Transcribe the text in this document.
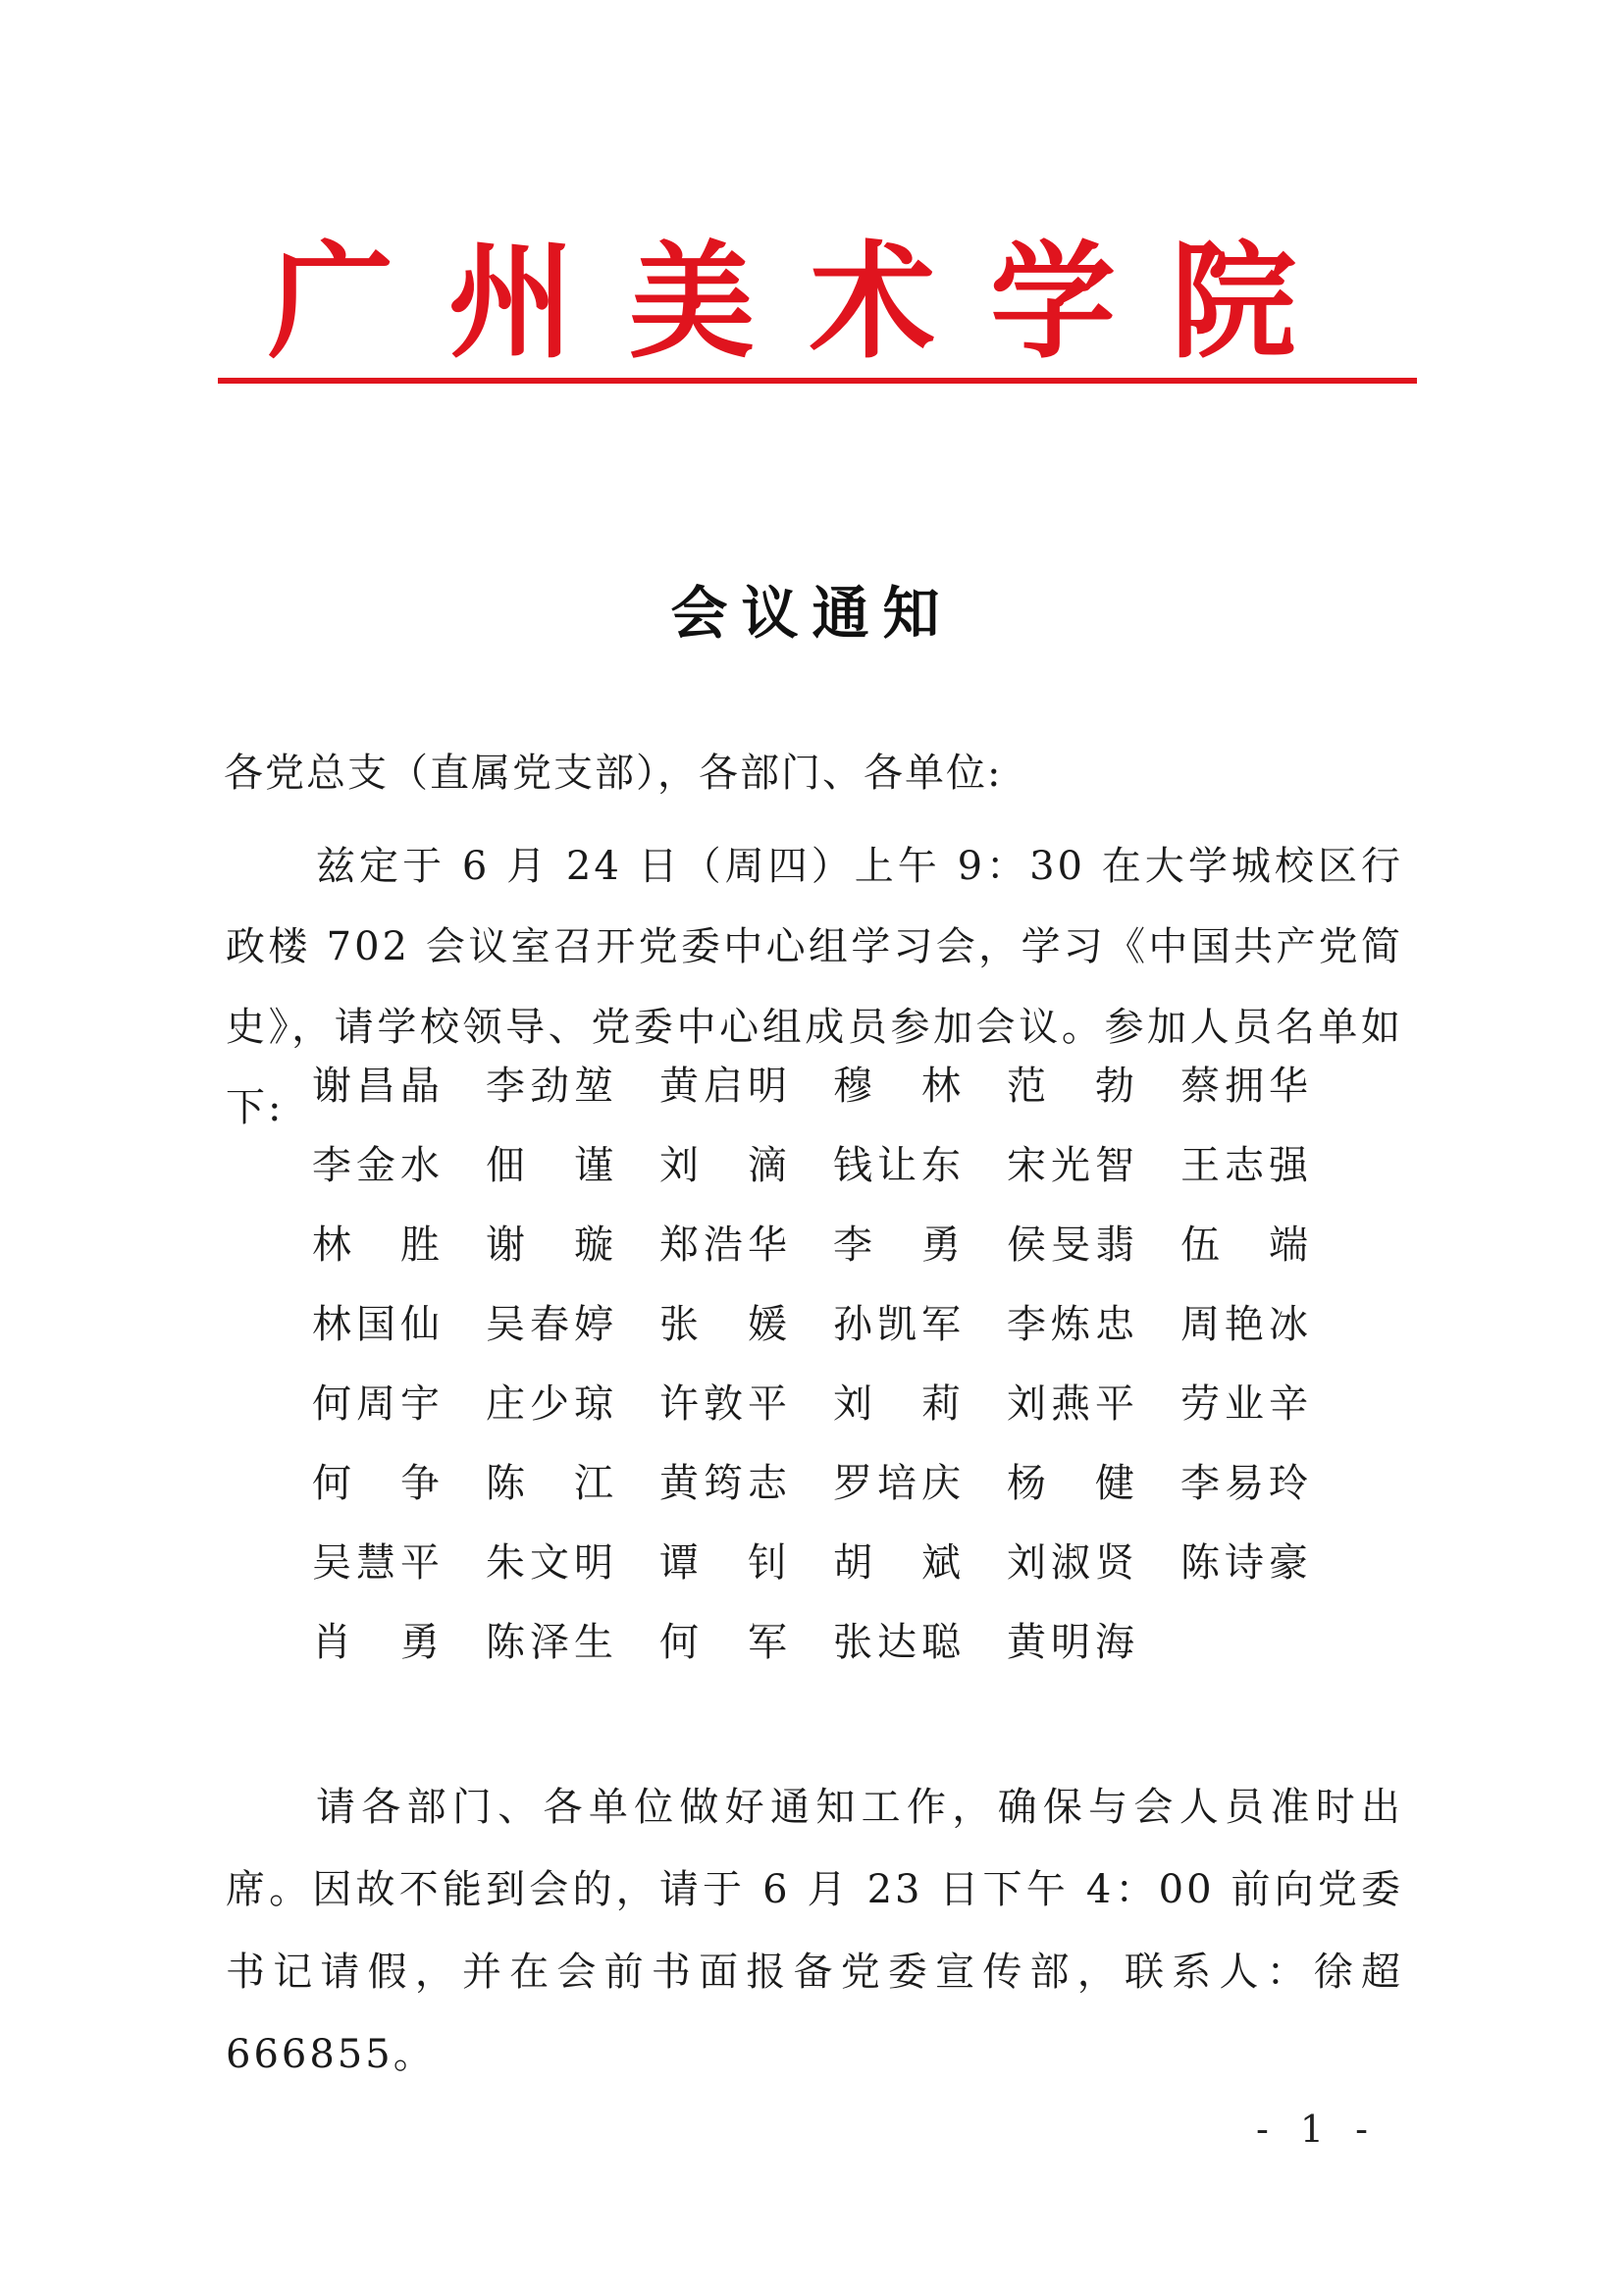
广州美术学院
会议通知
各党总支（直属党支部），各部门、各单位:
兹定于 6 月 24 日（周四）上午 9：30 在大学城校区行政楼 702 会议室召开党委中心组学习会，学习《中国共产党简史》，请学校领导、党委中心组成员参加会议。参加人员名单如下: 谢昌晶 李劲堃 黄启明 穆林 范勃 蔡拥华
李金水 佃谨 刘滴 钱让东 宋光智 王志强
林胜 谢璇 郑浩华 李勇 侯旻翡 伍端
林国仙 吴春婷 张媛 孙凯军 李炼忠 周艳冰
何周宇 庄少琼 许敦平 刘莉 刘燕平 劳业辛
何争 陈江 黄筠志 罗培庆 杨健 李易玲
吴慧平 朱文明 谭钊 胡斌 刘淑贤 陈诗豪
肖勇 陈泽生 何军 张达聪 黄明海
请各部门、各单位做好通知工作，确保与会人员准时出席。因故不能到会的，请于 6 月 23 日下午 4：00 前向党委书记请假，并在会前书面报备党委宣传部，联系人：徐超 666855。
- 1 -
